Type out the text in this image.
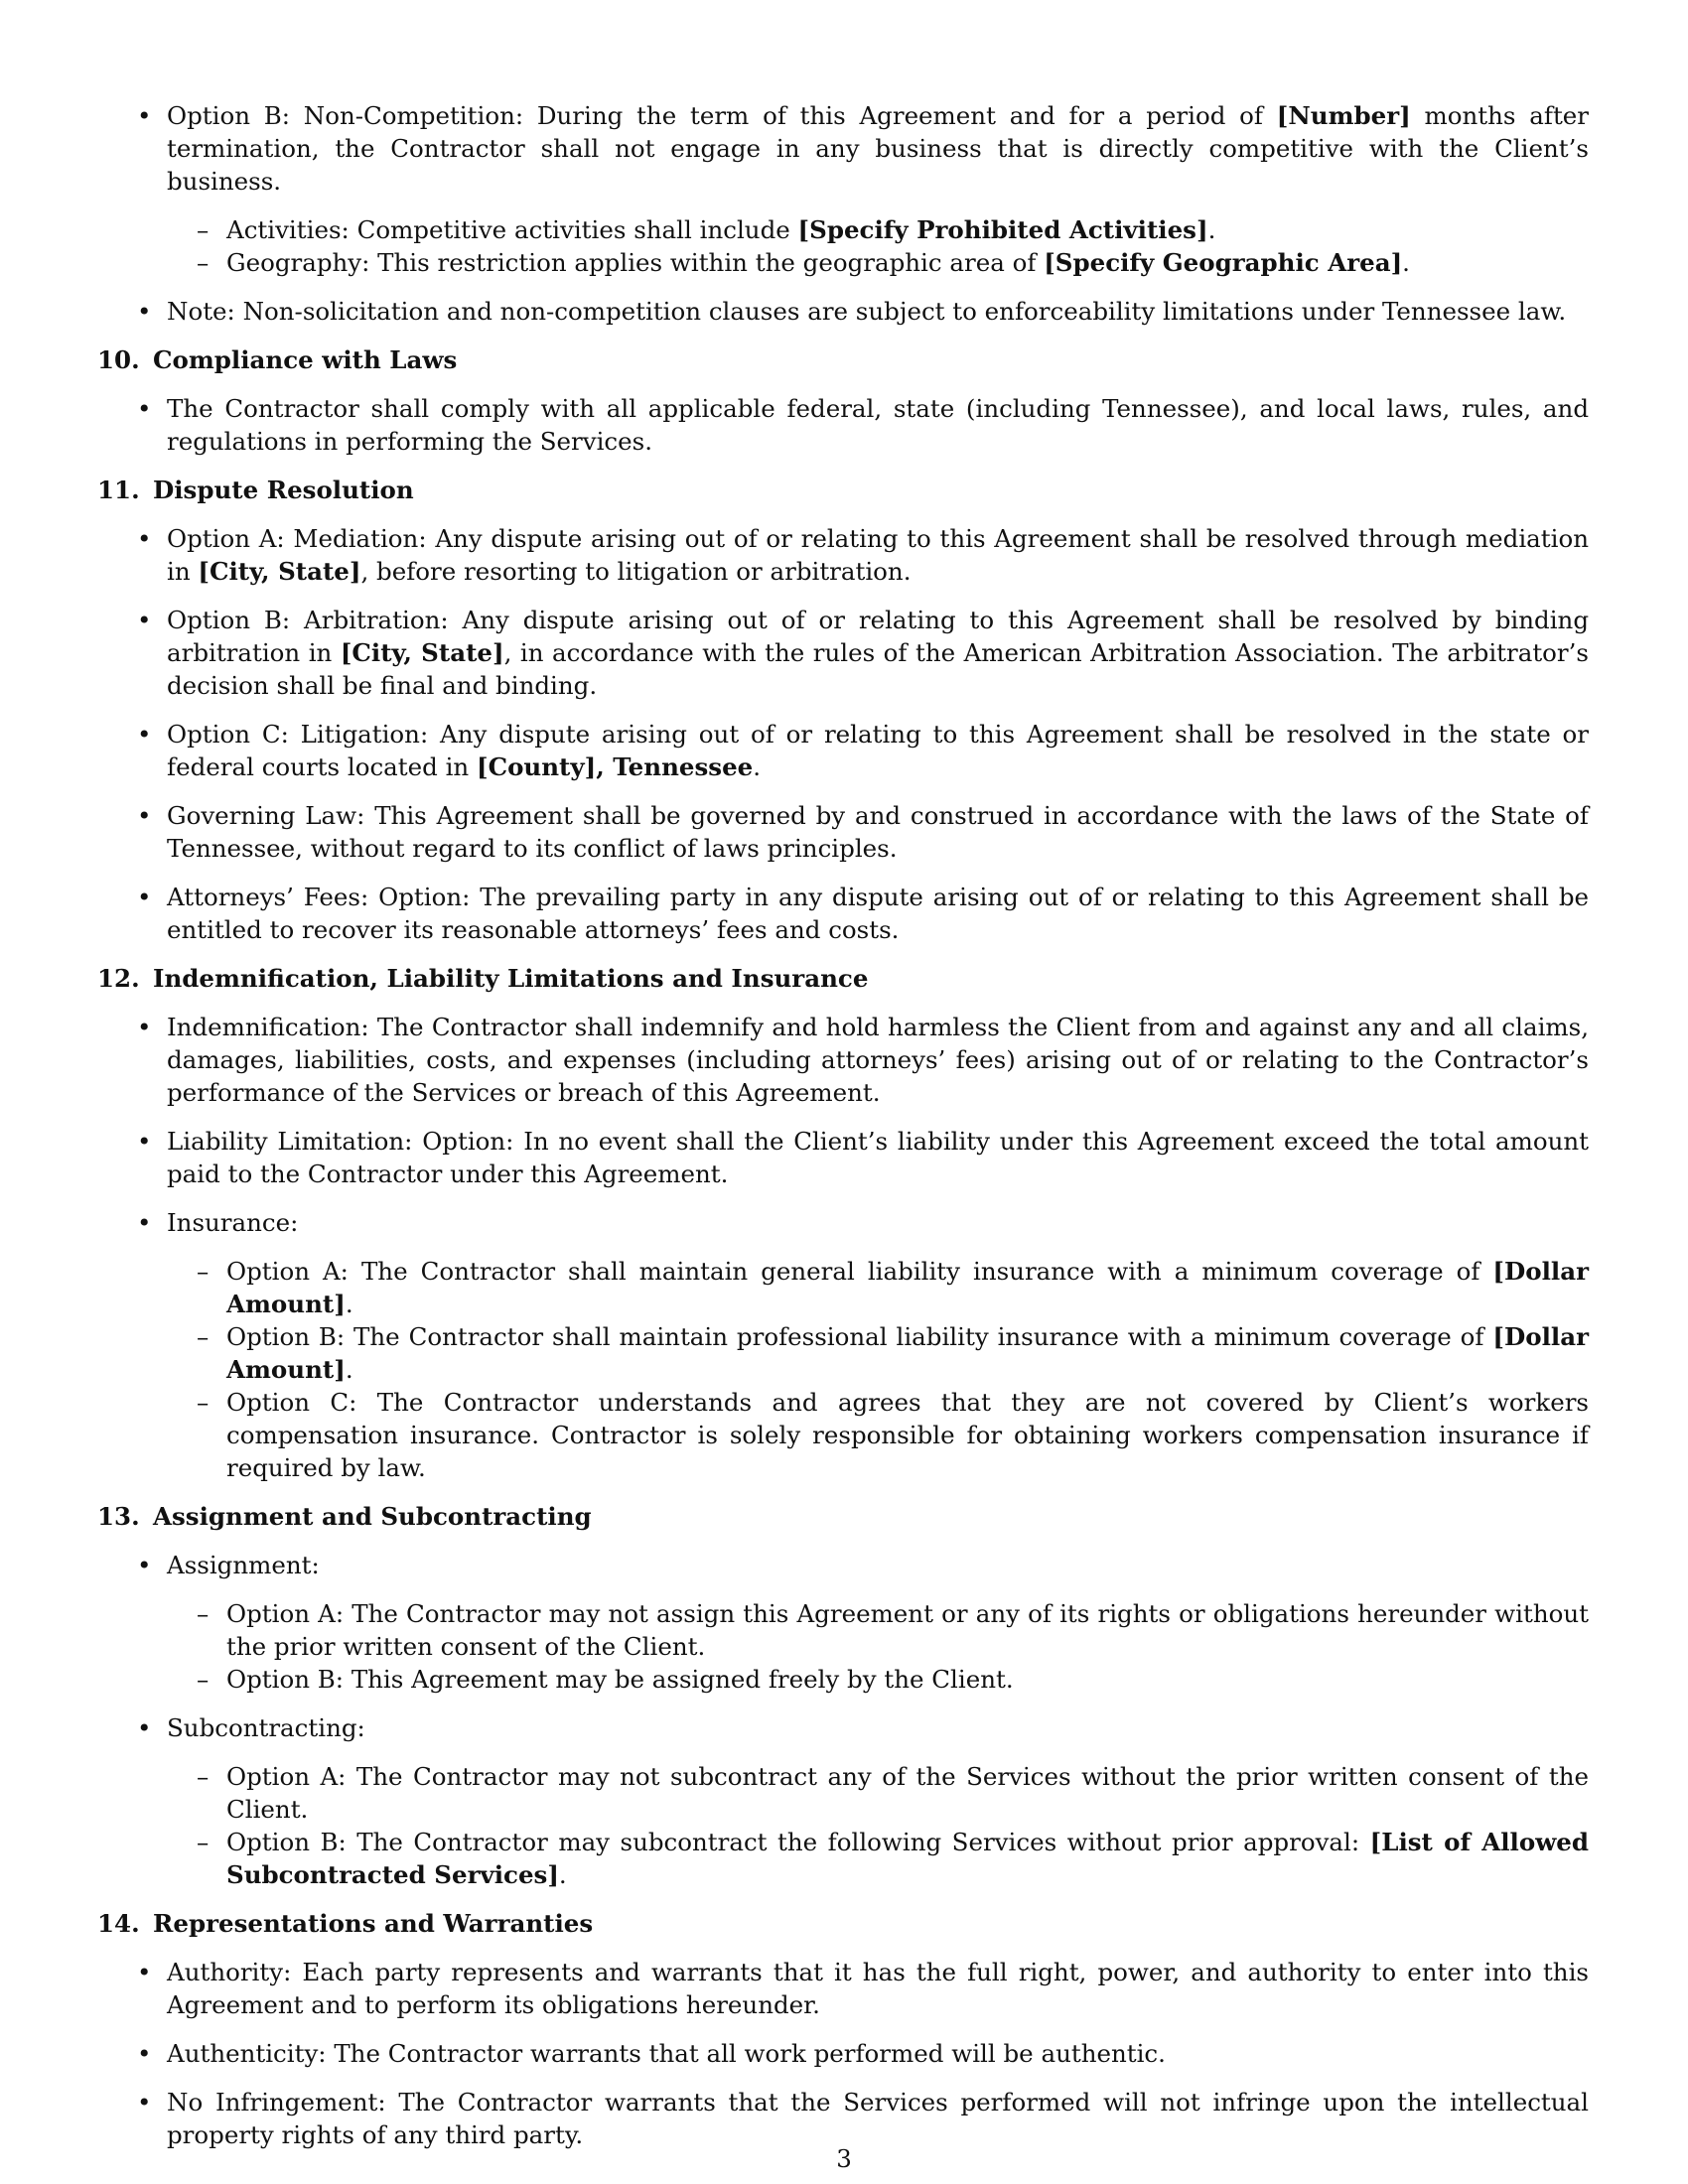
• Option B: Non-Competition: During the term of this Agreement and for a period of [Number] months after termination, the Contractor shall not engage in any business that is directly competitive with the Client’s business.
– Activities: Competitive activities shall include [Specify Prohibited Activities].
– Geography: This restriction applies within the geographic area of [Specify Geographic Area].
• Note: Non-solicitation and non-competition clauses are subject to enforceability limitations under Tennessee law.
10. Compliance with Laws
• The Contractor shall comply with all applicable federal, state (including Tennessee), and local laws, rules, and regulations in performing the Services.
11. Dispute Resolution
• Option A: Mediation: Any dispute arising out of or relating to this Agreement shall be resolved through mediation in [City, State], before resorting to litigation or arbitration.
• Option B: Arbitration: Any dispute arising out of or relating to this Agreement shall be resolved by binding arbitration in [City, State], in accordance with the rules of the American Arbitration Association. The arbitrator’s decision shall be final and binding.
• Option C: Litigation: Any dispute arising out of or relating to this Agreement shall be resolved in the state or federal courts located in [County], Tennessee.
• Governing Law: This Agreement shall be governed by and construed in accordance with the laws of the State of Tennessee, without regard to its conflict of laws principles.
• Attorneys’ Fees: Option: The prevailing party in any dispute arising out of or relating to this Agreement shall be entitled to recover its reasonable attorneys’ fees and costs.
12. Indemnification, Liability Limitations and Insurance
• Indemnification: The Contractor shall indemnify and hold harmless the Client from and against any and all claims, damages, liabilities, costs, and expenses (including attorneys’ fees) arising out of or relating to the Contractor’s performance of the Services or breach of this Agreement.
• Liability Limitation: Option: In no event shall the Client’s liability under this Agreement exceed the total amount paid to the Contractor under this Agreement.
• Insurance:
– Option A: The Contractor shall maintain general liability insurance with a minimum coverage of [Dollar Amount].
– Option B: The Contractor shall maintain professional liability insurance with a minimum coverage of [Dollar Amount].
– Option C: The Contractor understands and agrees that they are not covered by Client’s workers compensation insurance. Contractor is solely responsible for obtaining workers compensation insurance if required by law.
13. Assignment and Subcontracting
• Assignment:
– Option A: The Contractor may not assign this Agreement or any of its rights or obligations hereunder without the prior written consent of the Client.
– Option B: This Agreement may be assigned freely by the Client.
• Subcontracting:
– Option A: The Contractor may not subcontract any of the Services without the prior written consent of the Client.
– Option B: The Contractor may subcontract the following Services without prior approval: [List of Allowed Subcontracted Services].
14. Representations and Warranties
• Authority: Each party represents and warrants that it has the full right, power, and authority to enter into this Agreement and to perform its obligations hereunder.
• Authenticity: The Contractor warrants that all work performed will be authentic.
• No Infringement: The Contractor warrants that the Services performed will not infringe upon the intellectual property rights of any third party.
3
